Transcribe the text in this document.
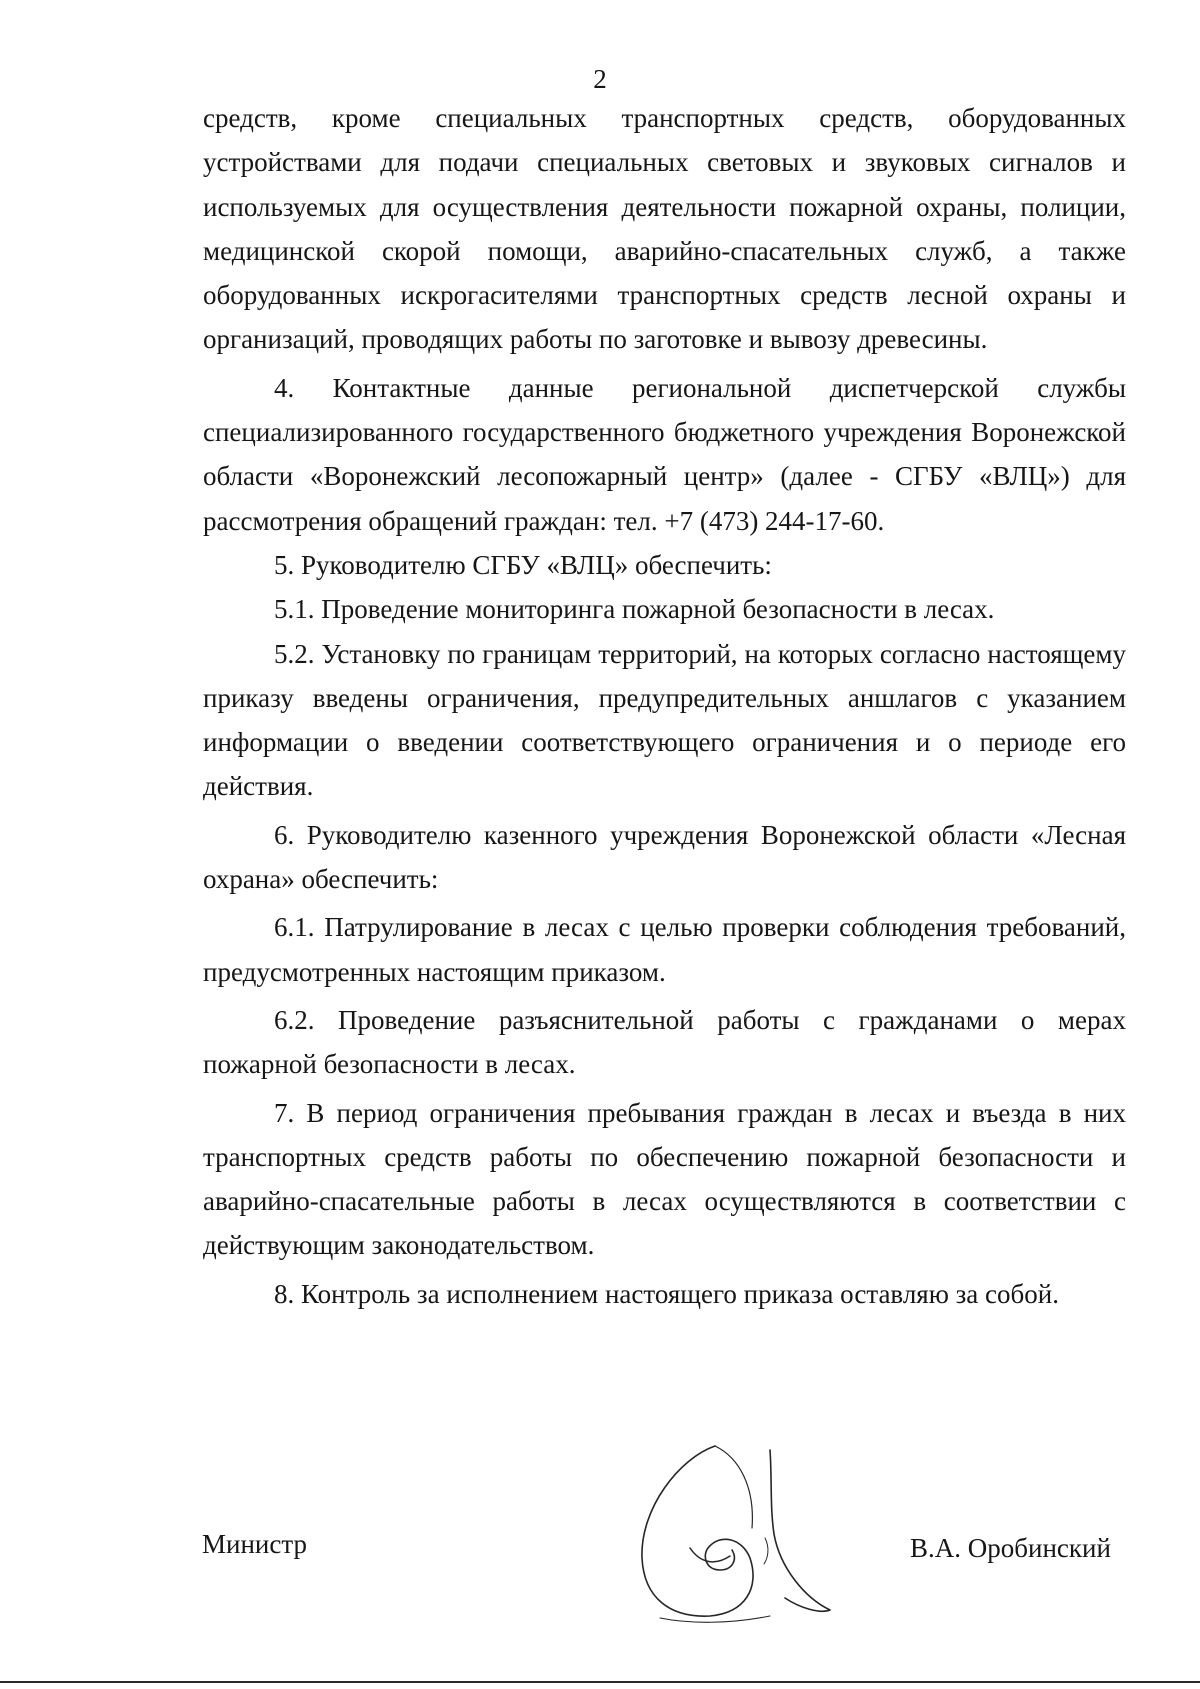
2

средств, кроме специальных транспортных средств, оборудованных устройствами для подачи специальных световых и звуковых сигналов и используемых для осуществления деятельности пожарной охраны, полиции, медицинской скорой помощи, аварийно-спасательных служб, а также оборудованных искрогасителями транспортных средств лесной охраны и организаций, проводящих работы по заготовке и вывозу древесины.

4. Контактные данные региональной диспетчерской службы специализированного государственного бюджетного учреждения Воронежской области «Воронежский лесопожарный центр» (далее - СГБУ «ВЛЦ») для рассмотрения обращений граждан: тел. +7 (473) 244-17-60.

5. Руководителю СГБУ «ВЛЦ» обеспечить:

5.1. Проведение мониторинга пожарной безопасности в лесах.

5.2. Установку по границам территорий, на которых согласно настоящему приказу введены ограничения, предупредительных аншлагов с указанием информации о введении соответствующего ограничения и о периоде его действия.

6. Руководителю казенного учреждения Воронежской области «Лесная охрана» обеспечить:

6.1. Патрулирование в лесах с целью проверки соблюдения требований, предусмотренных настоящим приказом.

6.2. Проведение разъяснительной работы с гражданами о мерах пожарной безопасности в лесах.

7. В период ограничения пребывания граждан в лесах и въезда в них транспортных средств работы по обеспечению пожарной безопасности и аварийно-спасательные работы в лесах осуществляются в соответствии с действующим законодательством.

8. Контроль за исполнением настоящего приказа оставляю за собой.

Министр	В.А. Оробинский
